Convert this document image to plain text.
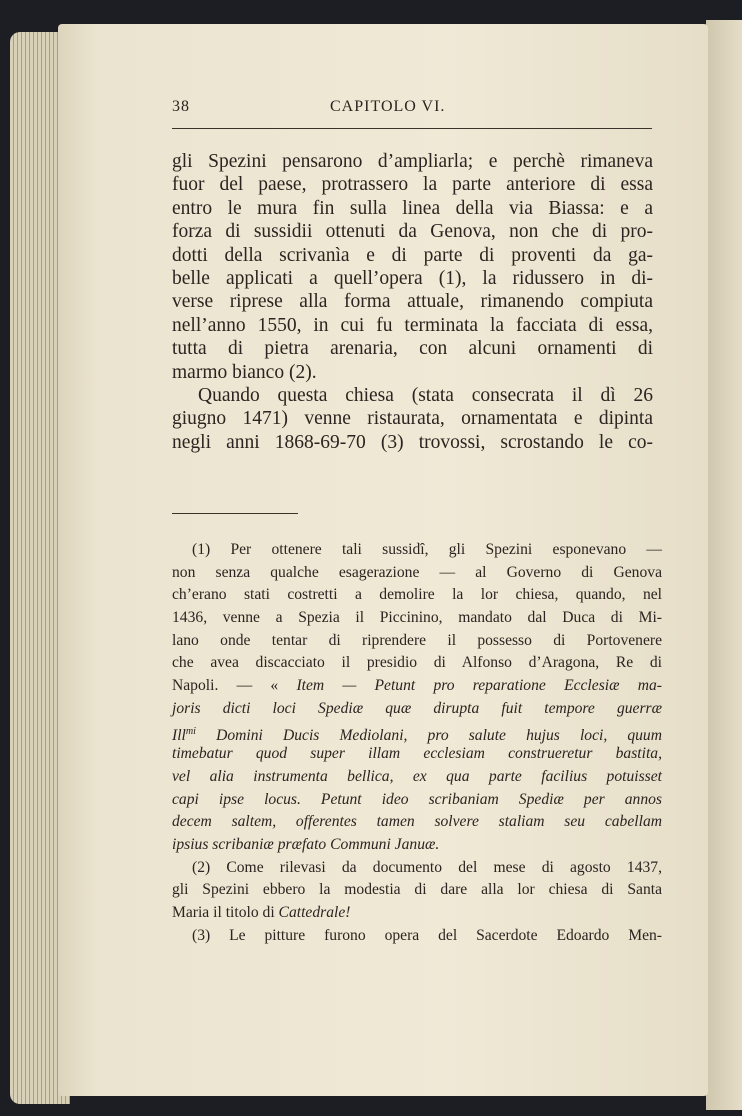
38	CAPITOLO VI.
gli Spezini pensarono d’ampliarla; e perchè rimaneva
fuor del paese, protrassero la parte anteriore di essa
entro le mura fin sulla linea della via Biassa: e a
forza di sussidii ottenuti da Genova, non che di pro-
dotti della scrivanìa e di parte di proventi da ga-
belle applicati a quell’opera (1), la ridussero in di-
verse riprese alla forma attuale, rimanendo compiuta
nell’anno 1550, in cui fu terminata la facciata di essa,
tutta di pietra arenaria, con alcuni ornamenti di
marmo bianco (2).
Quando questa chiesa (stata consecrata il dì 26
giugno 1471) venne ristaurata, ornamentata e dipinta
negli anni 1868-69-70 (3) trovossi, scrostando le co-
(1) Per ottenere tali sussidî, gli Spezini esponevano —
non senza qualche esagerazione — al Governo di Genova
ch’erano stati costretti a demolire la lor chiesa, quando, nel
1436, venne a Spezia il Piccinino, mandato dal Duca di Mi-
lano onde tentar di riprendere il possesso di Portovenere
che avea discacciato il presidio di Alfonso d’Aragona, Re di
Napoli. — « Item — Petunt pro reparatione Ecclesiæ ma-
joris dicti loci Spediæ quæ dirupta fuit tempore guerræ
Ill$^{mi}$ Domini Ducis Mediolani, pro salute hujus loci, quum
timebatur quod super illam ecclesiam construeretur bastita,
vel alia instrumenta bellica, ex qua parte facilius potuisset
capi ipse locus. Petunt ideo scribaniam Spediæ per annos
decem saltem, offerentes tamen solvere staliam seu cabellam
ipsius scribaniæ præfato Communi Januæ.
(2) Come rilevasi da documento del mese di agosto 1437,
gli Spezini ebbero la modestia di dare alla lor chiesa di Santa
Maria il titolo di Cattedrale!
(3) Le pitture furono opera del Sacerdote Edoardo Men-
